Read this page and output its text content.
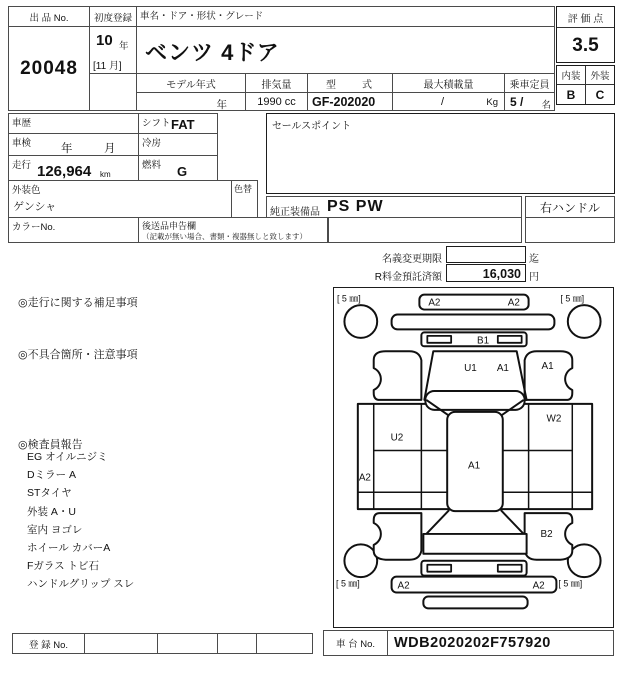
出 品 No.
20048
初度登録
10 年
[11 月]
車名・ドア・形状・グレード
ベンツ 4ドア
モデル年式
年
排気量
1990 cc
型　　式
GF-202020
最大積載量
/	Kg
乗車定員
5 / 名
評 価 点
3.5
内装	外装
B	C
車歴	シフト FAT
車検	年　月 冷房
走行 126,964 km
燃料 G
外装色
ゲンシャ
色替
カラーNo.	後送品申告欄
（記載が無い場合、書類・複器無しと致します）
セールスポイント
純正装備品 PS PW	右ハンドル
名義変更期限	迄
R料金預託済額	16,030 円
◎走行に関する補足事項
◎不具合箇所・注意事項
◎検査員報告
EG オイルニジミ
Dミラー A
STタイヤ
外装 A・U
室内 ヨゴレ
ホイール カバーA
Fガラス トビ石
ハンドルグリップ スレ
[ 5 ㎜]	[ 5 ㎜]
[ 5 ㎜]	[ 5 ㎜]
A2	A2
B1
U1 A1	A1
W2
U2
A2
A1
B2
A2	A2
登 録 No.	車 台 No.	WDB2020202F757920
